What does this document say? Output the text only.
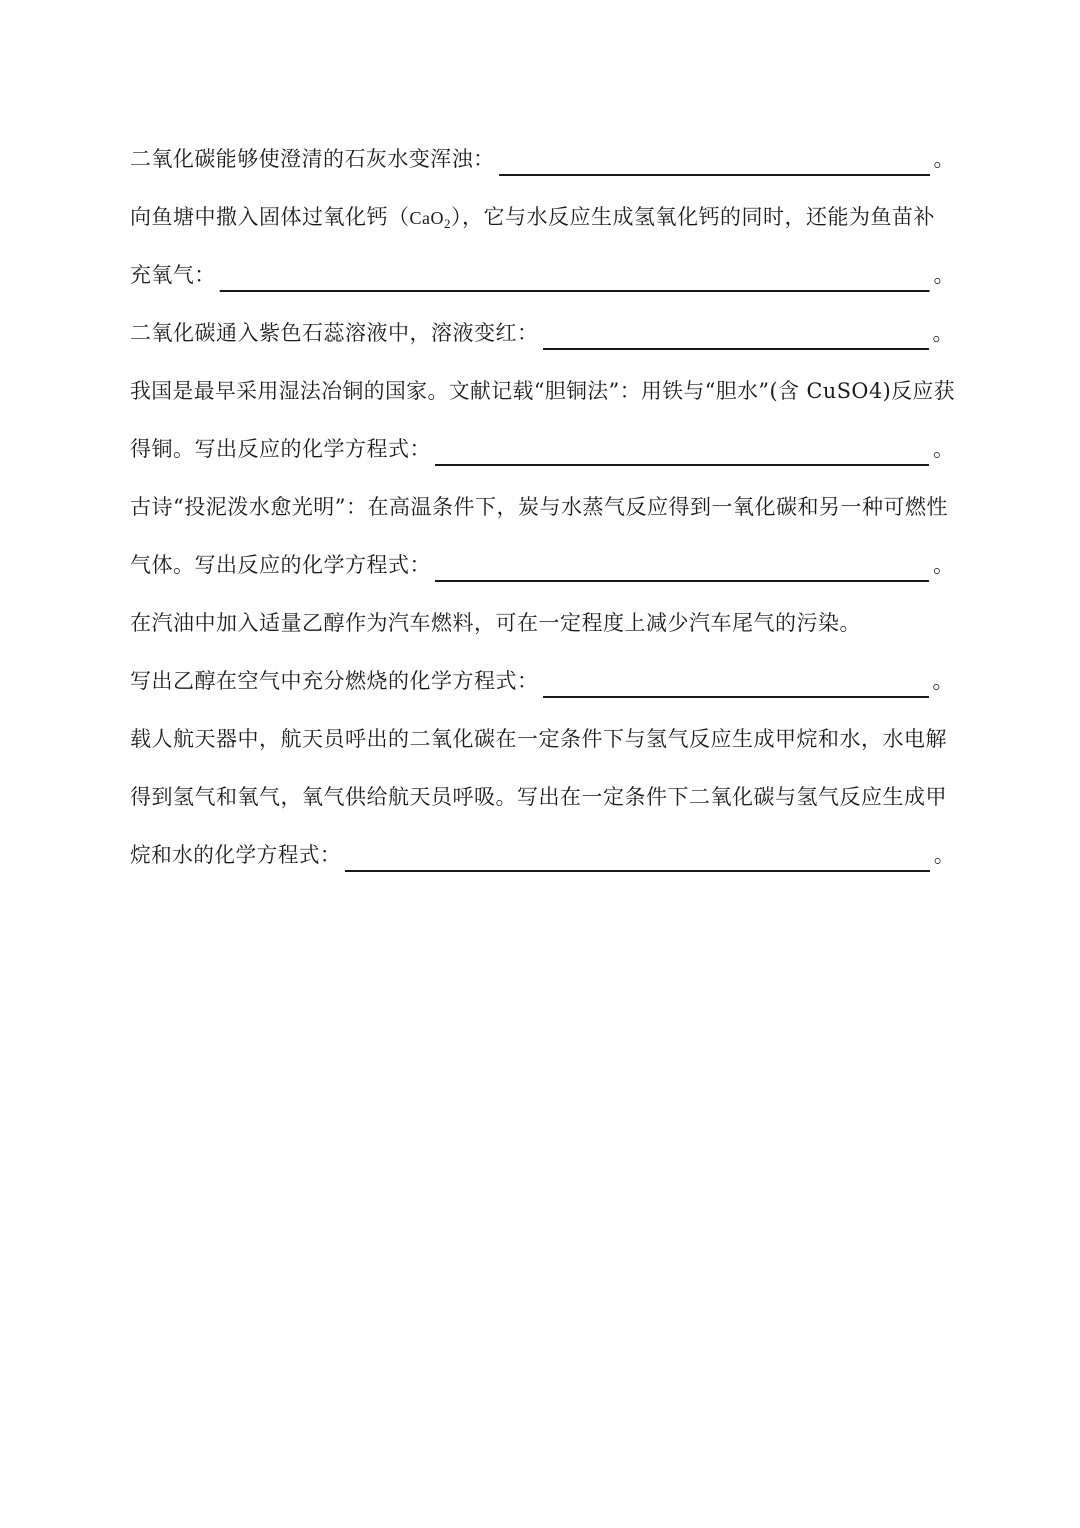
二氧化碳能够使澄清的石灰水变浑浊：	。
向鱼塘中撒入固体过氧化钙（CaO$_2$），它与水反应生成氢氧化钙的同时，还能为鱼苗补
充氧气：	。
二氧化碳通入紫色石蕊溶液中，溶液变红：	。
我国是最早采用湿法冶铜的国家。文献记载“胆铜法”：用铁与“胆水”(含 CuSO4)反应获
得铜。写出反应的化学方程式：	。
古诗“投泥泼水愈光明”：在高温条件下，炭与水蒸气反应得到一氧化碳和另一种可燃性
气体。写出反应的化学方程式：	。
在汽油中加入适量乙醇作为汽车燃料，可在一定程度上减少汽车尾气的污染。
写出乙醇在空气中充分燃烧的化学方程式：	。
载人航天器中，航天员呼出的二氧化碳在一定条件下与氢气反应生成甲烷和水，水电解
得到氢气和氧气，氧气供给航天员呼吸。写出在一定条件下二氧化碳与氢气反应生成甲
烷和水的化学方程式：	。
